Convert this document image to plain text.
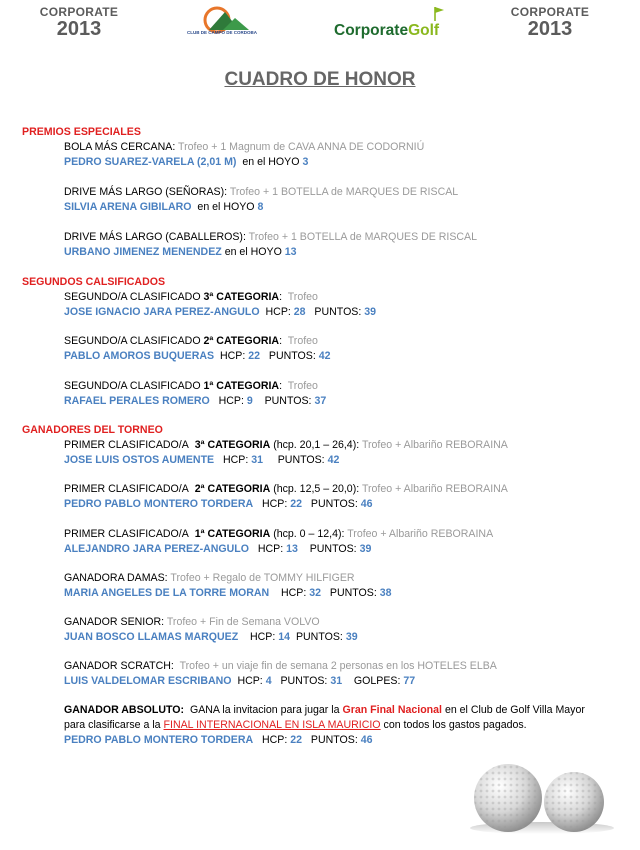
CORPORATE
2013	CLUB DE CAMPO DE CORDOBA	CorporateGolf
CORPORATE
2013
CUADRO DE HONOR
PREMIOS ESPECIALES
BOLA MÁS CERCANA: Trofeo + 1 Magnum de CAVA ANNA DE CODORNIÚ
PEDRO SUAREZ-VARELA (2,01 M) en el HOYO 3
DRIVE MÁS LARGO (SEÑORAS): Trofeo + 1 BOTELLA de MARQUES DE RISCAL
SILVIA ARENA GIBILARO en el HOYO 8
DRIVE MÁS LARGO (CABALLEROS): Trofeo + 1 BOTELLA de MARQUES DE RISCAL
URBANO JIMENEZ MENENDEZ en el HOYO 13
SEGUNDOS CALSIFICADOS
SEGUNDO/A CLASIFICADO 3ª CATEGORIA:  Trofeo
JOSE IGNACIO JARA PEREZ-ANGULO HCP: 28 PUNTOS: 39
SEGUNDO/A CLASIFICADO 2ª CATEGORIA:  Trofeo
PABLO AMOROS BUQUERAS HCP: 22 PUNTOS: 42
SEGUNDO/A CLASIFICADO 1ª CATEGORIA:  Trofeo
RAFAEL PERALES ROMERO HCP: 9 PUNTOS: 37
GANADORES DEL TORNEO
PRIMER CLASIFICADO/A 3ª CATEGORIA (hcp. 20,1 – 26,4): Trofeo + Albariño REBORAINA
JOSE LUIS OSTOS AUMENTE HCP: 31 PUNTOS: 42
PRIMER CLASIFICADO/A 2ª CATEGORIA (hcp. 12,5 – 20,0): Trofeo + Albariño REBORAINA
PEDRO PABLO MONTERO TORDERA HCP: 22 PUNTOS: 46
PRIMER CLASIFICADO/A 1ª CATEGORIA (hcp. 0 – 12,4): Trofeo + Albariño REBORAINA
ALEJANDRO JARA PEREZ-ANGULO HCP: 13 PUNTOS: 39
GANADORA DAMAS: Trofeo + Regalo de TOMMY HILFIGER
MARIA ANGELES DE LA TORRE MORAN HCP: 32 PUNTOS: 38
GANADOR SENIOR: Trofeo + Fin de Semana VOLVO
JUAN BOSCO LLAMAS MARQUEZ HCP: 14 PUNTOS: 39
GANADOR SCRATCH: Trofeo + un viaje fin de semana 2 personas en los HOTELES ELBA
LUIS VALDELOMAR ESCRIBANO HCP: 4 PUNTOS: 31 GOLPES: 77
GANADOR ABSOLUTO: GANA la invitacion para jugar la Gran Final Nacional en el Club de Golf Villa Mayor
para clasificarse a la FINAL INTERNACIONAL EN ISLA MAURICIO con todos los gastos pagados.
PEDRO PABLO MONTERO TORDERA HCP: 22 PUNTOS: 46
